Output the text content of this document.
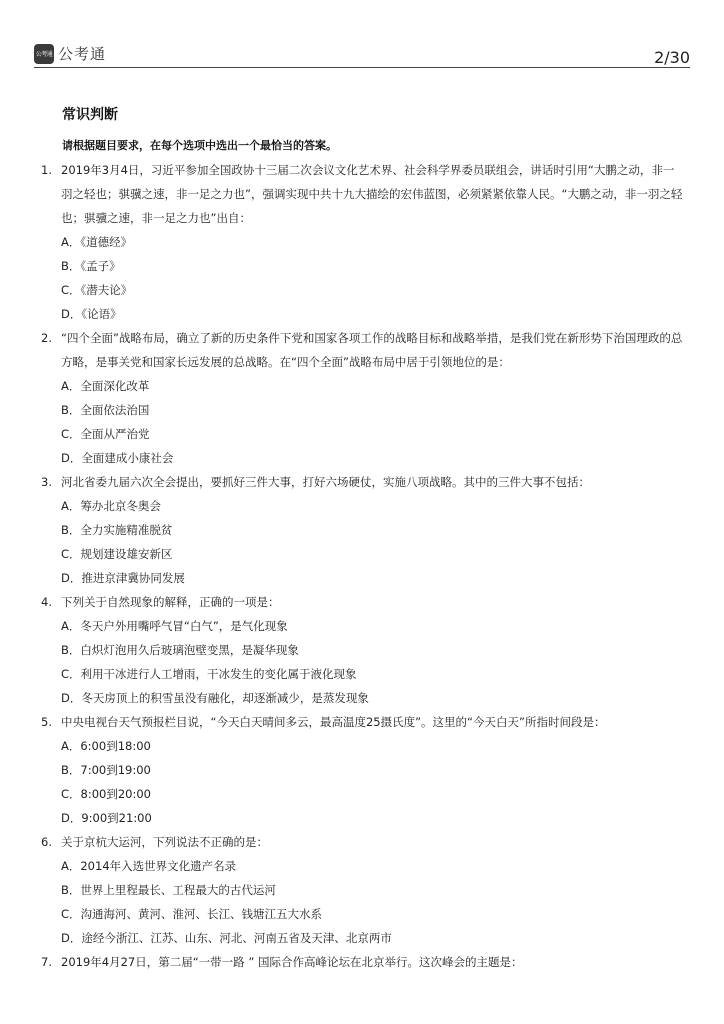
公考通 公考通	2/30
常识判断
请根据题目要求，在每个选项中选出一个最恰当的答案。
1. 2019年3月4日，习近平参加全国政协十三届二次会议文化艺术界、社会科学界委员联组会，讲话时引用“大鹏之动，非一羽之轻也；骐骥之速，非一足之力也”，强调实现中共十九大描绘的宏伟蓝图，必须紧紧依靠人民。“大鹏之动，非一羽之轻也；骐骥之速，非一足之力也”出自：
A．《道德经》
B．《孟子》
C．《潜夫论》
D．《论语》
2. “四个全面”战略布局，确立了新的历史条件下党和国家各项工作的战略目标和战略举措，是我们党在新形势下治国理政的总方略，是事关党和国家长远发展的总战略。在“四个全面”战略布局中居于引领地位的是：
A．全面深化改革
B．全面依法治国
C．全面从严治党
D．全面建成小康社会
3. 河北省委九届六次全会提出，要抓好三件大事，打好六场硬仗，实施八项战略。其中的三件大事不包括：
A．筹办北京冬奥会
B．全力实施精准脱贫
C．规划建设雄安新区
D．推进京津冀协同发展
4. 下列关于自然现象的解释，正确的一项是：
A．冬天户外用嘴呼气冒“白气”，是气化现象
B．白炽灯泡用久后玻璃泡壁变黑，是凝华现象
C．利用干冰进行人工增雨，干冰发生的变化属于液化现象
D．冬天房顶上的积雪虽没有融化，却逐渐减少，是蒸发现象
5. 中央电视台天气预报栏目说，“今天白天晴间多云，最高温度25摄氏度”。这里的“今天白天”所指时间段是：
A．6:00到18:00
B．7:00到19:00
C．8:00到20:00
D．9:00到21:00
6. 关于京杭大运河，下列说法不正确的是：
A．2014年入选世界文化遗产名录
B．世界上里程最长、工程最大的古代运河
C．沟通海河、黄河、淮河、长江、钱塘江五大水系
D．途经今浙江、江苏、山东、河北、河南五省及天津、北京两市
7. 2019年4月27日，第二届“一带一路 ” 国际合作高峰论坛在北京举行。这次峰会的主题是：
